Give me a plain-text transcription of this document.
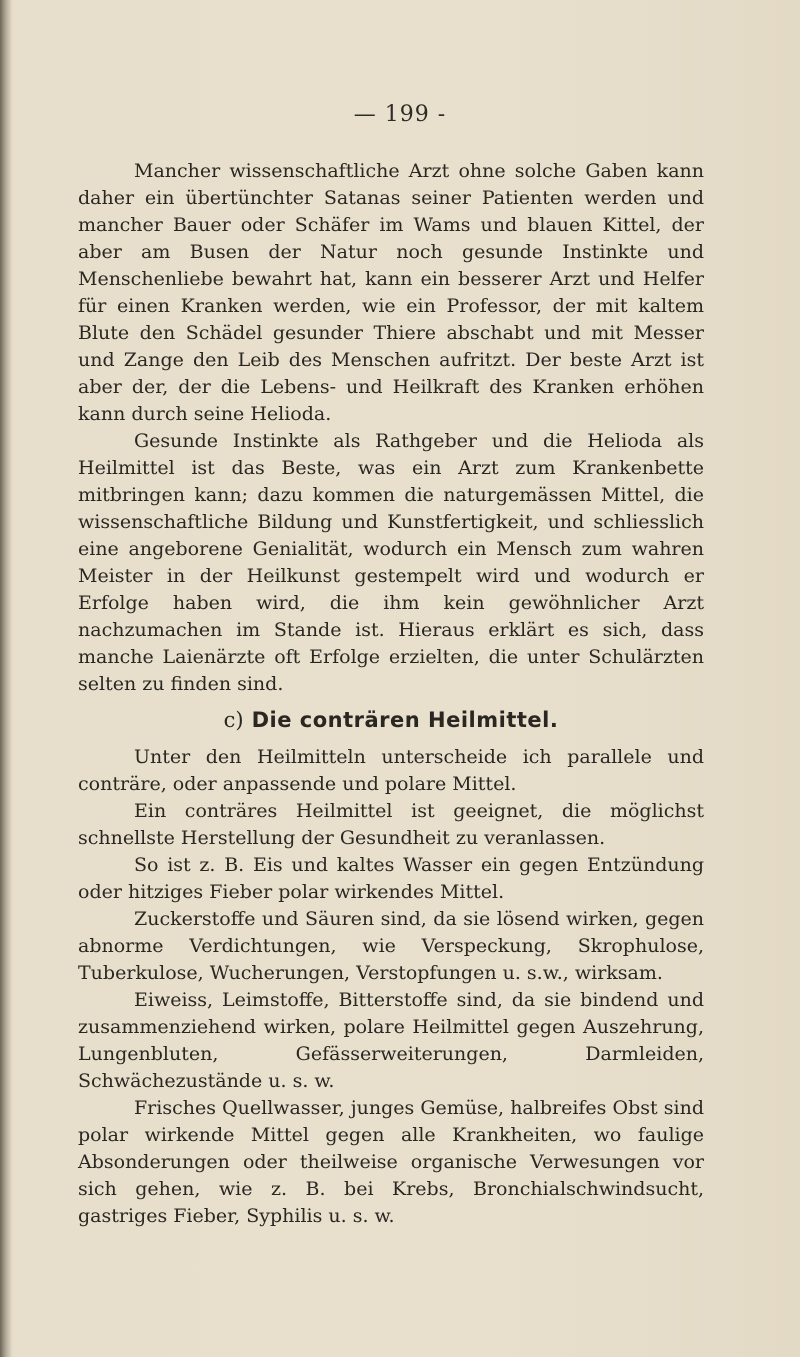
— 199 -

Mancher wissenschaftliche Arzt ohne solche Gaben kann daher ein übertünchter Satanas seiner Patienten werden und mancher Bauer oder Schäfer im Wams und blauen Kittel, der aber am Busen der Natur noch gesunde Instinkte und Menschenliebe bewahrt hat, kann ein besserer Arzt und Helfer für einen Kranken werden, wie ein Professor, der mit kaltem Blute den Schädel gesunder Thiere abschabt und mit Messer und Zange den Leib des Menschen aufritzt. Der beste Arzt ist aber der, der die Lebens- und Heilkraft des Kranken erhöhen kann durch seine Helioda.

Gesunde Instinkte als Rathgeber und die Helioda als Heilmittel ist das Beste, was ein Arzt zum Krankenbette mitbringen kann; dazu kommen die naturgemässen Mittel, die wissenschaftliche Bildung und Kunstfertigkeit, und schliesslich eine angeborene Genialität, wodurch ein Mensch zum wahren Meister in der Heilkunst gestempelt wird und wodurch er Erfolge haben wird, die ihm kein gewöhnlicher Arzt nachzumachen im Stande ist. Hieraus erklärt es sich, dass manche Laienärzte oft Erfolge erzielten, die unter Schulärzten selten zu finden sind.

c) Die conträren Heilmittel.

Unter den Heilmitteln unterscheide ich parallele und conträre, oder anpassende und polare Mittel.

Ein conträres Heilmittel ist geeignet, die möglichst schnellste Herstellung der Gesundheit zu veranlassen.

So ist z. B. Eis und kaltes Wasser ein gegen Entzündung oder hitziges Fieber polar wirkendes Mittel.

Zuckerstoffe und Säuren sind, da sie lösend wirken, gegen abnorme Verdichtungen, wie Verspeckung, Skrophulose, Tuberkulose, Wucherungen, Verstopfungen u. s.w., wirksam.

Eiweiss, Leimstoffe, Bitterstoffe sind, da sie bindend und zusammenziehend wirken, polare Heilmittel gegen Auszehrung, Lungenbluten, Gefässerweiterungen, Darmleiden, Schwächezustände u. s. w.

Frisches Quellwasser, junges Gemüse, halbreifes Obst sind polar wirkende Mittel gegen alle Krankheiten, wo faulige Absonderungen oder theilweise organische Verwesungen vor sich gehen, wie z. B. bei Krebs, Bronchialschwindsucht, gastriges Fieber, Syphilis u. s. w.
